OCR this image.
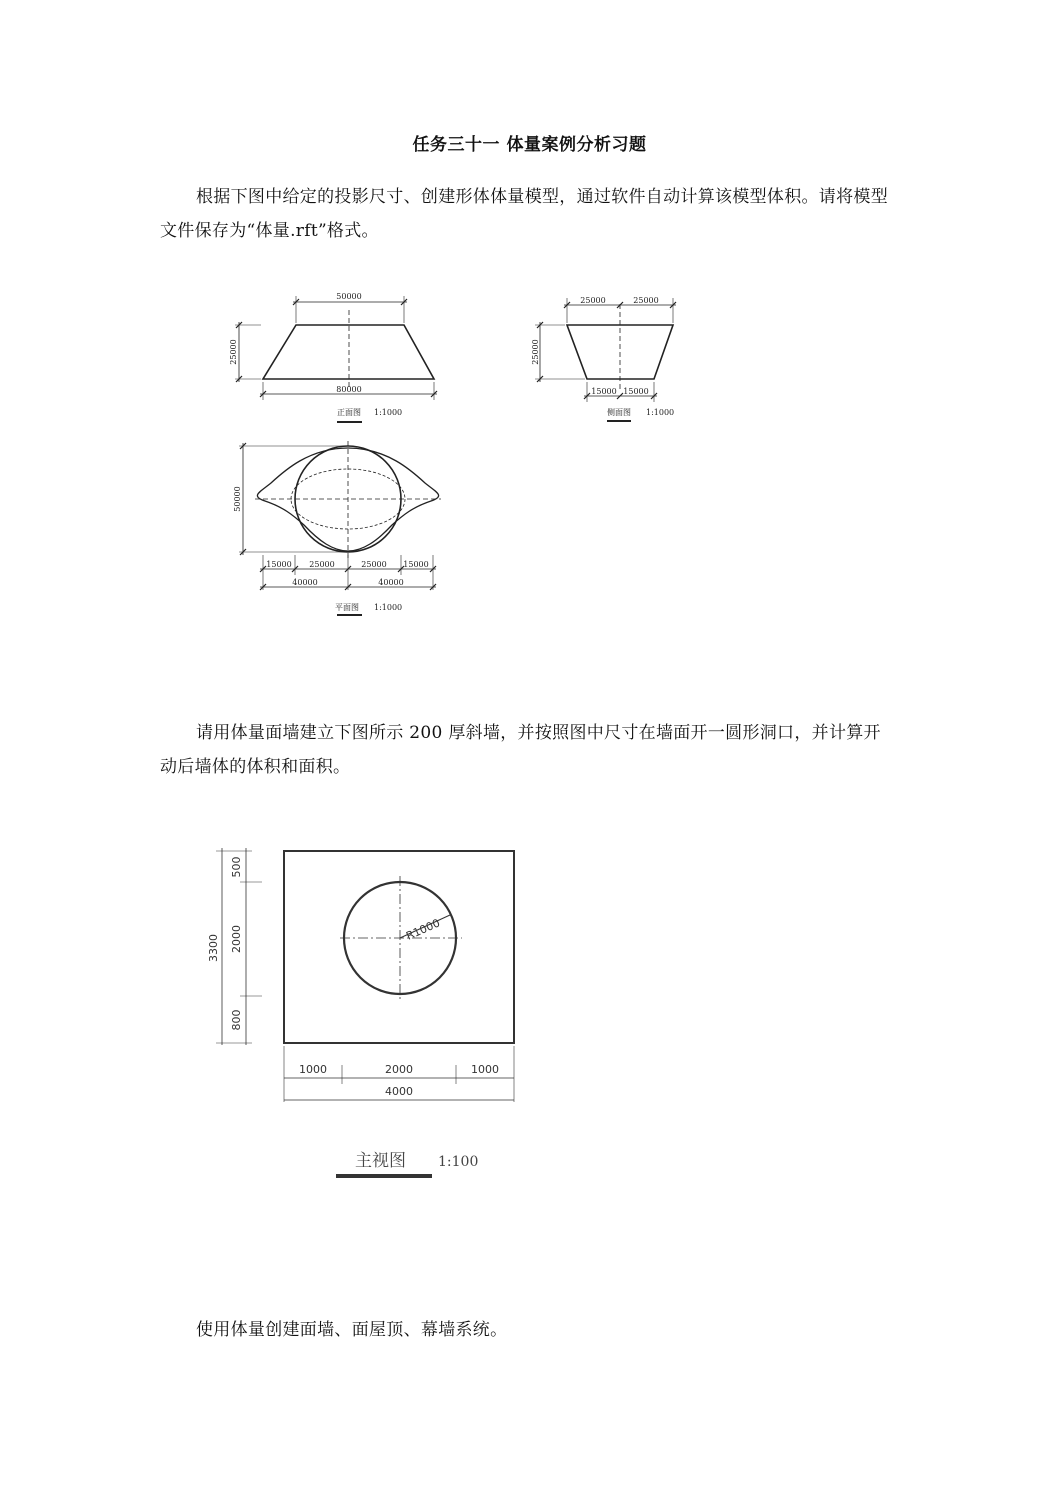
任务三十一 体量案例分析习题
根据下图中给定的投影尺寸、创建形体体量模型，通过软件自动计算该模型体积。请将模型文件保存为“体量.rft”格式。
50000
80000
25000
正面图 1:1000
25000	25000
15000 15000
25000
侧面图 1:1000
15000 25000	25000 15000
40000	40000
50000
平面图 1:1000
请用体量面墙建立下图所示 200 厚斜墙，并按照图中尺寸在墙面开一圆形洞口，并计算开动后墙体的体积和面积。
R1000
500
2000
800
3300
1000	2000	1000
4000
主视图 1:100
使用体量创建面墙、面屋顶、幕墙系统。
